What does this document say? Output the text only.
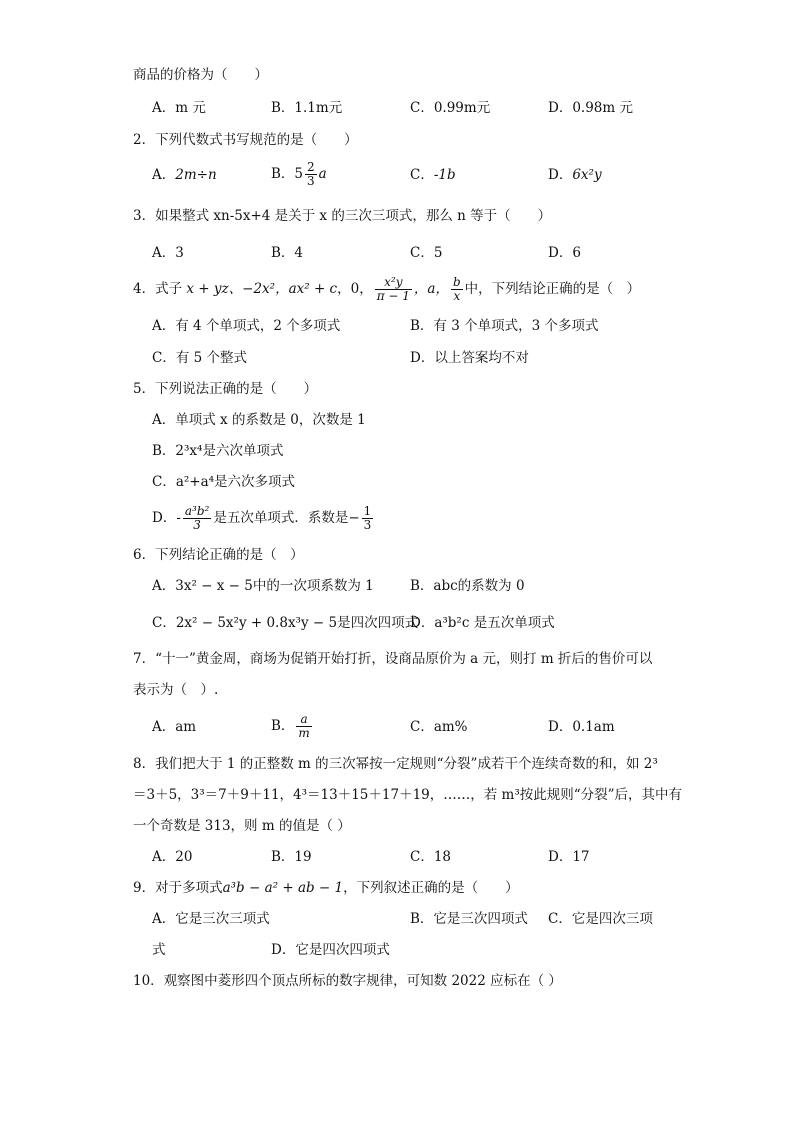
商品的价格为（　　）
A．m 元	B．1.1m元	C．0.99m元	D．0.98m 元
2．下列代数式书写规范的是（　　）
A．2m÷n	B．$5 \frac{2}{3}$ a	C．-1b	D．6x²y
3．如果整式 xn-5x+4 是关于 x 的三次三项式，那么 n 等于（　　）
A．3	B．4	C．5	D．6
4．式子 x + yz、−2x²，ax² + c，0， $\frac{\text{x²y}}{\pi - 1}$ ，a， $\frac{b}{x}$ 中，下列结论正确的是（　）
A．有 4 个单项式，2 个多项式	B．有 3 个单项式，3 个多项式
C．有 5 个整式	D．以上答案均不对
5．下列说法正确的是（　　）
A．单项式 x 的系数是 0，次数是 1
B．2³x⁴是六次单项式
C．a²+a⁴是六次多项式
D．- $\frac{\text{a³b²}}{3}$ 是五次单项式．系数是− $\frac{1}{3}$
6．下列结论正确的是（　）
A．3x² − x − 5中的一次项系数为 1	B．abc的系数为 0
C．2x² − 5x²y + 0.8x³y − 5是四次四项式
D．a³b²c 是五次单项式
7．“十一”黄金周，商场为促销开始打折，设商品原价为 a 元，则打 m 折后的售价可以
表示为（　）.
A．am	B． $\frac{a}{m}$	C．am%	D．0.1am
8．我们把大于 1 的正整数 m 的三次幂按一定规则“分裂”成若干个连续奇数的和，如 2³
＝3＋5，3³＝7＋9＋11，4³＝13＋15＋17＋19，……，若 m³按此规则“分裂”后，其中有
一个奇数是 313，则 m 的值是（ ）
A．20	B．19	C．18	D．17
9．对于多项式a³b − a² + ab − 1，下列叙述正确的是（　　）
A．它是三次三项式	B．它是三次四项式 C．它是四次三项
式	D．它是四次四项式
10．观察图中菱形四个顶点所标的数字规律，可知数 2022 应标在（ ）
